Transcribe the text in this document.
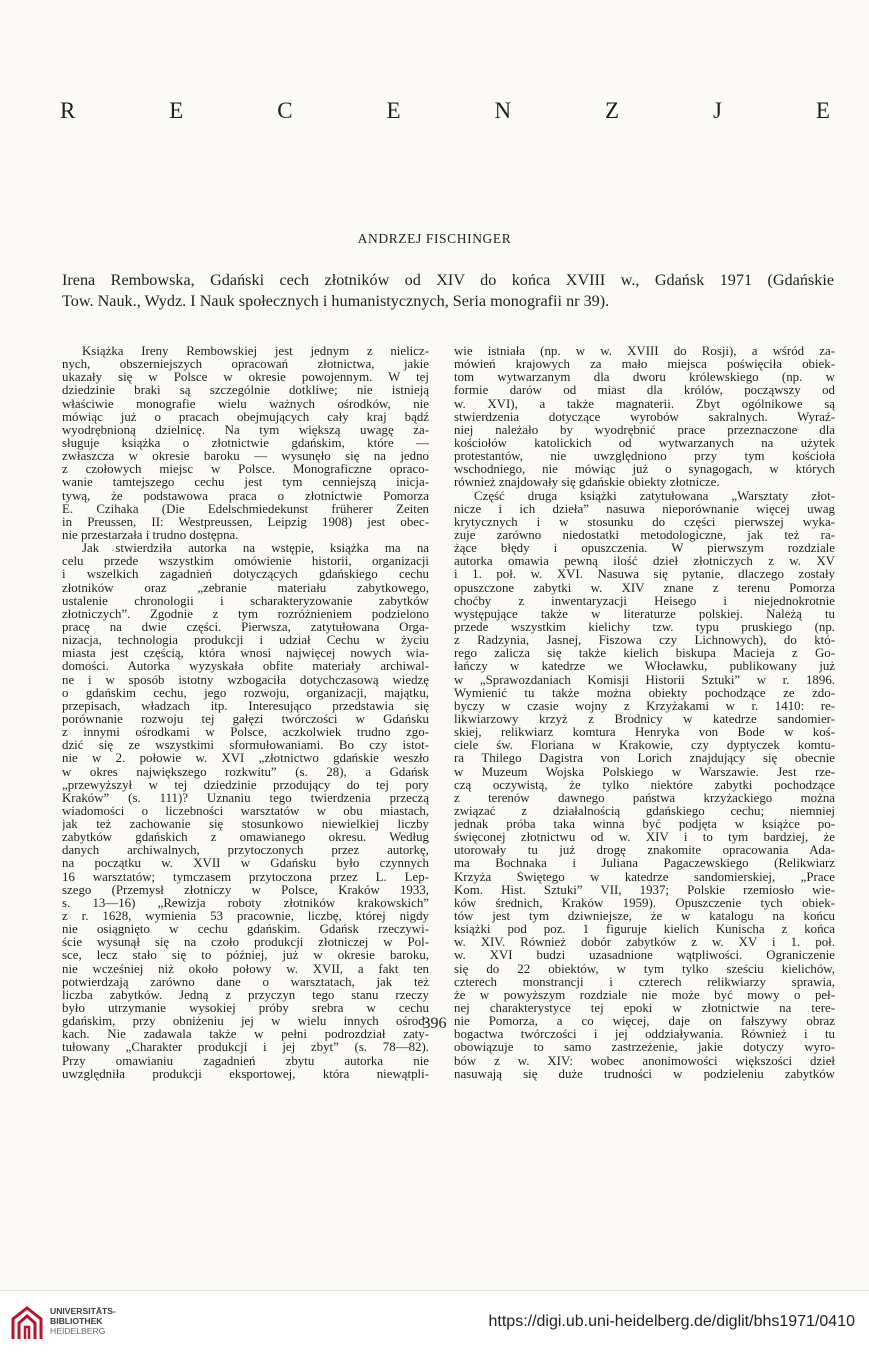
R	E	C	E	N	Z	J	E
ANDRZEJ FISCHINGER
Irena Rembowska, Gdański cech złotników od XIV do końca XVIII w., Gdańsk 1971 (Gdańskie
Tow. Nauk., Wydz. I Nauk społecznych i humanistycznych, Seria monografii nr 39).
Książka Ireny Rembowskiej jest jednym z nielicz-
nych, obszerniejszych opracowań złotnictwa, jakie
ukazały się w Polsce w okresie powojennym. W tej
dziedzinie braki są szczególnie dotkliwe; nie istnieją
właściwie monografie wielu ważnych ośrodków, nie
mówiąc już o pracach obejmujących cały kraj bądź
wyodrębnioną dzielnicę. Na tym większą uwagę za-
sługuje książka o złotnictwie gdańskim, które —
zwłaszcza w okresie baroku — wysunęło się na jedno
z czołowych miejsc w Polsce. Monograficzne opraco-
wanie tamtejszego cechu jest tym cenniejszą inicja-
tywą, że podstawowa praca o złotnictwie Pomorza
E. Czihaka (Die Edelschmiedekunst früherer Zeiten
in Preussen, II: Westpreussen, Leipzig 1908) jest obec-
nie przestarzała i trudno dostępna.
Jak stwierdziła autorka na wstępie, książka ma na
celu przede wszystkim omówienie historii, organizacji
i wszelkich zagadnień dotyczących gdańskiego cechu
złotników oraz „zebranie materiału zabytkowego,
ustalenie chronologii i scharakteryzowanie zabytków
złotniczych”. Zgodnie z tym rozróżnieniem podzielono
pracę na dwie części. Pierwsza, zatytułowana Orga-
nizacja, technologia produkcji i udział Cechu w życiu
miasta jest częścią, która wnosi najwięcej nowych wia-
domości. Autorka wyzyskała obfite materiały archiwal-
ne i w sposób istotny wzbogaciła dotychczasową wiedzę
o gdańskim cechu, jego rozwoju, organizacji, majątku,
przepisach, władzach itp. Interesująco przedstawia się
porównanie rozwoju tej gałęzi twórczości w Gdańsku
z innymi ośrodkami w Polsce, aczkolwiek trudno zgo-
dzić się ze wszystkimi sformułowaniami. Bo czy istot-
nie w 2. połowie w. XVI „złotnictwo gdańskie weszło
w okres największego rozkwitu” (s. 28), a Gdańsk
„przewyższył w tej dziedzinie przodujący do tej pory
Kraków” (s. 111)? Uznaniu tego twierdzenia przeczą
wiadomości o liczebności warsztatów w obu miastach,
jak też zachowanie się stosunkowo niewielkiej liczby
zabytków gdańskich z omawianego okresu. Według
danych archiwalnych, przytoczonych przez autorkę,
na początku w. XVII w Gdańsku było czynnych
16 warsztatów; tymczasem przytoczona przez L. Lep-
szego (Przemysł złotniczy w Polsce, Kraków 1933,
s. 13—16) „Rewizja roboty złotników krakowskich”
z r. 1628, wymienia 53 pracownie, liczbę, której nigdy
nie osiągnięto w cechu gdańskim. Gdańsk rzeczywi-
ście wysunął się na czoło produkcji złotniczej w Pol-
sce, lecz stało się to później, już w okresie baroku,
nie wcześniej niż około połowy w. XVII, a fakt ten
potwierdzają zarówno dane o warsztatach, jak też
liczba zabytków. Jedną z przyczyn tego stanu rzeczy
było utrzymanie wysokiej próby srebra w cechu
gdańskim, przy obniżeniu jej w wielu innych ośrod-
kach. Nie zadawala także w pełni podrozdział zaty-
tułowany „Charakter produkcji i jej zbyt” (s. 78—82).
Przy omawianiu zagadnień zbytu autorka nie
uwzględniła produkcji eksportowej, która niewątpli-
wie istniała (np. w w. XVIII do Rosji), a wśród za-
mówień krajowych za mało miejsca poświęciła obiek-
tom wytwarzanym dla dworu królewskiego (np. w
formie darów od miast dla królów, począwszy od
w. XVI), a także magnaterii. Zbyt ogólnikowe są
stwierdzenia dotyczące wyrobów sakralnych. Wyraź-
niej należało by wyodrębnić prace przeznaczone dla
kościołów katolickich od wytwarzanych na użytek
protestantów, nie uwzględniono przy tym kościoła
wschodniego, nie mówiąc już o synagogach, w których
również znajdowały się gdańskie obiekty złotnicze.
Część druga książki zatytułowana „Warsztaty złot-
nicze i ich dzieła” nasuwa nieporównanie więcej uwag
krytycznych i w stosunku do części pierwszej wyka-
zuje zarówno niedostatki metodologiczne, jak też ra-
żące błędy i opuszczenia. W pierwszym rozdziale
autorka omawia pewną ilość dzieł złotniczych z w. XV
i 1. poł. w. XVI. Nasuwa się pytanie, dlaczego zostały
opuszczone zabytki w. XIV znane z terenu Pomorza
choćby z inwentaryzacji Heisego i niejednokrotnie
występujące także w literaturze polskiej. Należą tu
przede wszystkim kielichy tzw. typu pruskiego (np.
z Radzynia, Jasnej, Fiszowa czy Lichnowych), do któ-
rego zalicza się także kielich biskupa Macieja z Go-
łańczy w katedrze we Włocławku, publikowany już
w „Sprawozdaniach Komisji Historii Sztuki” w r. 1896.
Wymienić tu także można obiekty pochodzące ze zdo-
byczy w czasie wojny z Krzyżakami w r. 1410: re-
likwiarzowy krzyż z Brodnicy w katedrze sandomier-
skiej, relikwiarz komtura Henryka von Bode w koś-
ciele św. Floriana w Krakowie, czy dyptyczek komtu-
ra Thilego Dagistra von Lorich znajdujący się obecnie
w Muzeum Wojska Polskiego w Warszawie. Jest rze-
czą oczywistą, że tylko niektóre zabytki pochodzące
z terenów dawnego państwa krzyżackiego można
związać z działalnością gdańskiego cechu; niemniej
jednak próba taka winna być podjęta w książce po-
święconej złotnictwu od w. XIV i to tym bardziej, że
utorowały tu już drogę znakomite opracowania Ada-
ma Bochnaka i Juliana Pagaczewskiego (Relikwiarz
Krzyża Świętego w katedrze sandomierskiej, „Prace
Kom. Hist. Sztuki” VII, 1937; Polskie rzemiosło wie-
ków średnich, Kraków 1959). Opuszczenie tych obiek-
tów jest tym dziwniejsze, że w katalogu na końcu
książki pod poz. 1 figuruje kielich Kunischa z końca
w. XIV. Również dobór zabytków z w. XV i 1. poł.
w. XVI budzi uzasadnione wątpliwości. Ograniczenie
się do 22 obiektów, w tym tylko sześciu kielichów,
czterech monstrancji i czterech relikwiarzy sprawia,
że w powyższym rozdziale nie może być mowy o peł-
nej charakterystyce tej epoki w złotnictwie na tere-
nie Pomorza, a co więcej, daje on fałszywy obraz
bogactwa twórczości i jej oddziaływania. Również i tu
obowiązuje to samo zastrzeżenie, jakie dotyczy wyro-
bów z w. XIV: wobec anonimowości większości dzieł
nasuwają się duże trudności w podzieleniu zabytków
396
UNIVERSITÄTS-
BIBLIOTHEK
HEIDELBERG
https://digi.ub.uni-heidelberg.de/diglit/bhs1971/0410
